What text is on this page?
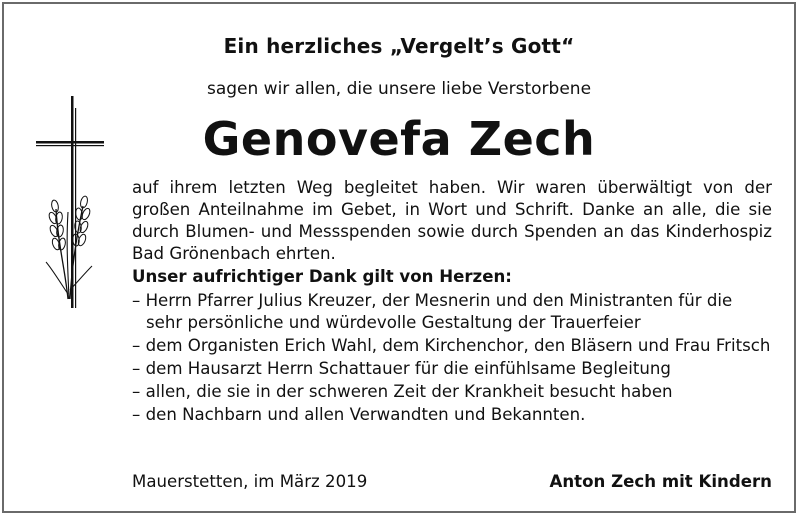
Ein herzliches „Vergelt’s Gott“
sagen wir allen, die unsere liebe Verstorbene
Genovefa Zech

auf ihrem letzten Weg begleitet haben. Wir waren überwältigt von der großen Anteilnahme im Gebet, in Wort und Schrift. Danke an alle, die sie durch Blumen- und Messspenden sowie durch Spenden an das Kinderhospiz Bad Grönenbach ehrten.

Unser aufrichtiger Dank gilt von Herzen:
– Herrn Pfarrer Julius Kreuzer, der Mesnerin und den Ministranten für die sehr persönliche und würdevolle Gestaltung der Trauerfeier
– dem Organisten Erich Wahl, dem Kirchenchor, den Bläsern und Frau Fritsch
– dem Hausarzt Herrn Schattauer für die einfühlsame Begleitung
– allen, die sie in der schweren Zeit der Krankheit besucht haben
– den Nachbarn und allen Verwandten und Bekannten.
Mauerstetten, im März 2019	Anton Zech mit Kindern
